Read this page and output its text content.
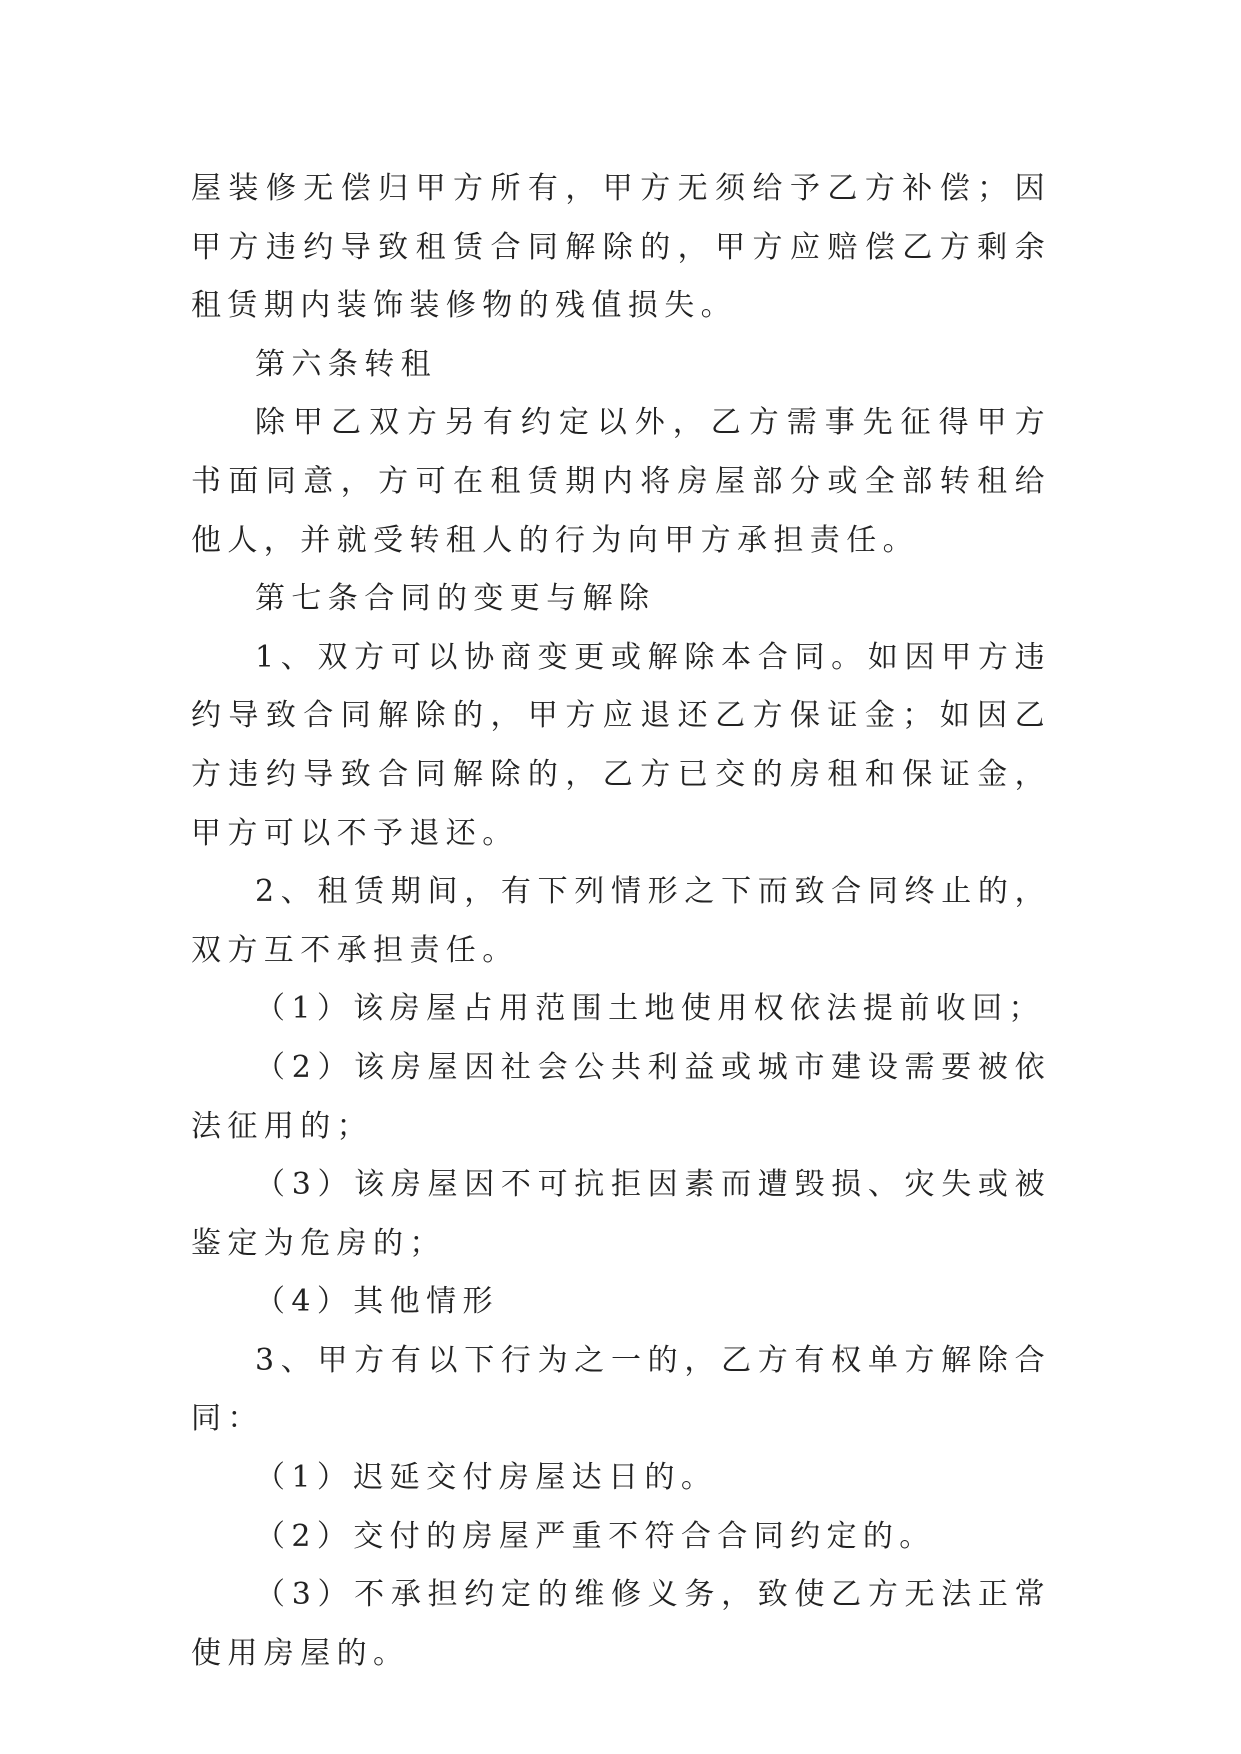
屋装修无偿归甲方所有，甲方无须给予乙方补偿；因甲方违约导致租赁合同解除的，甲方应赔偿乙方剩余租赁期内装饰装修物的残值损失。

第六条转租

除甲乙双方另有约定以外，乙方需事先征得甲方书面同意，方可在租赁期内将房屋部分或全部转租给他人，并就受转租人的行为向甲方承担责任。

第七条合同的变更与解除

1、双方可以协商变更或解除本合同。如因甲方违约导致合同解除的，甲方应退还乙方保证金；如因乙方违约导致合同解除的，乙方已交的房租和保证金，甲方可以不予退还。

2、租赁期间，有下列情形之下而致合同终止的，双方互不承担责任。

（1）该房屋占用范围土地使用权依法提前收回；

（2）该房屋因社会公共利益或城市建设需要被依法征用的；

（3）该房屋因不可抗拒因素而遭毁损、灾失或被鉴定为危房的；

（4）其他情形

3、甲方有以下行为之一的，乙方有权单方解除合同：

（1）迟延交付房屋达日的。

（2）交付的房屋严重不符合合同约定的。

（3）不承担约定的维修义务，致使乙方无法正常使用房屋的。
